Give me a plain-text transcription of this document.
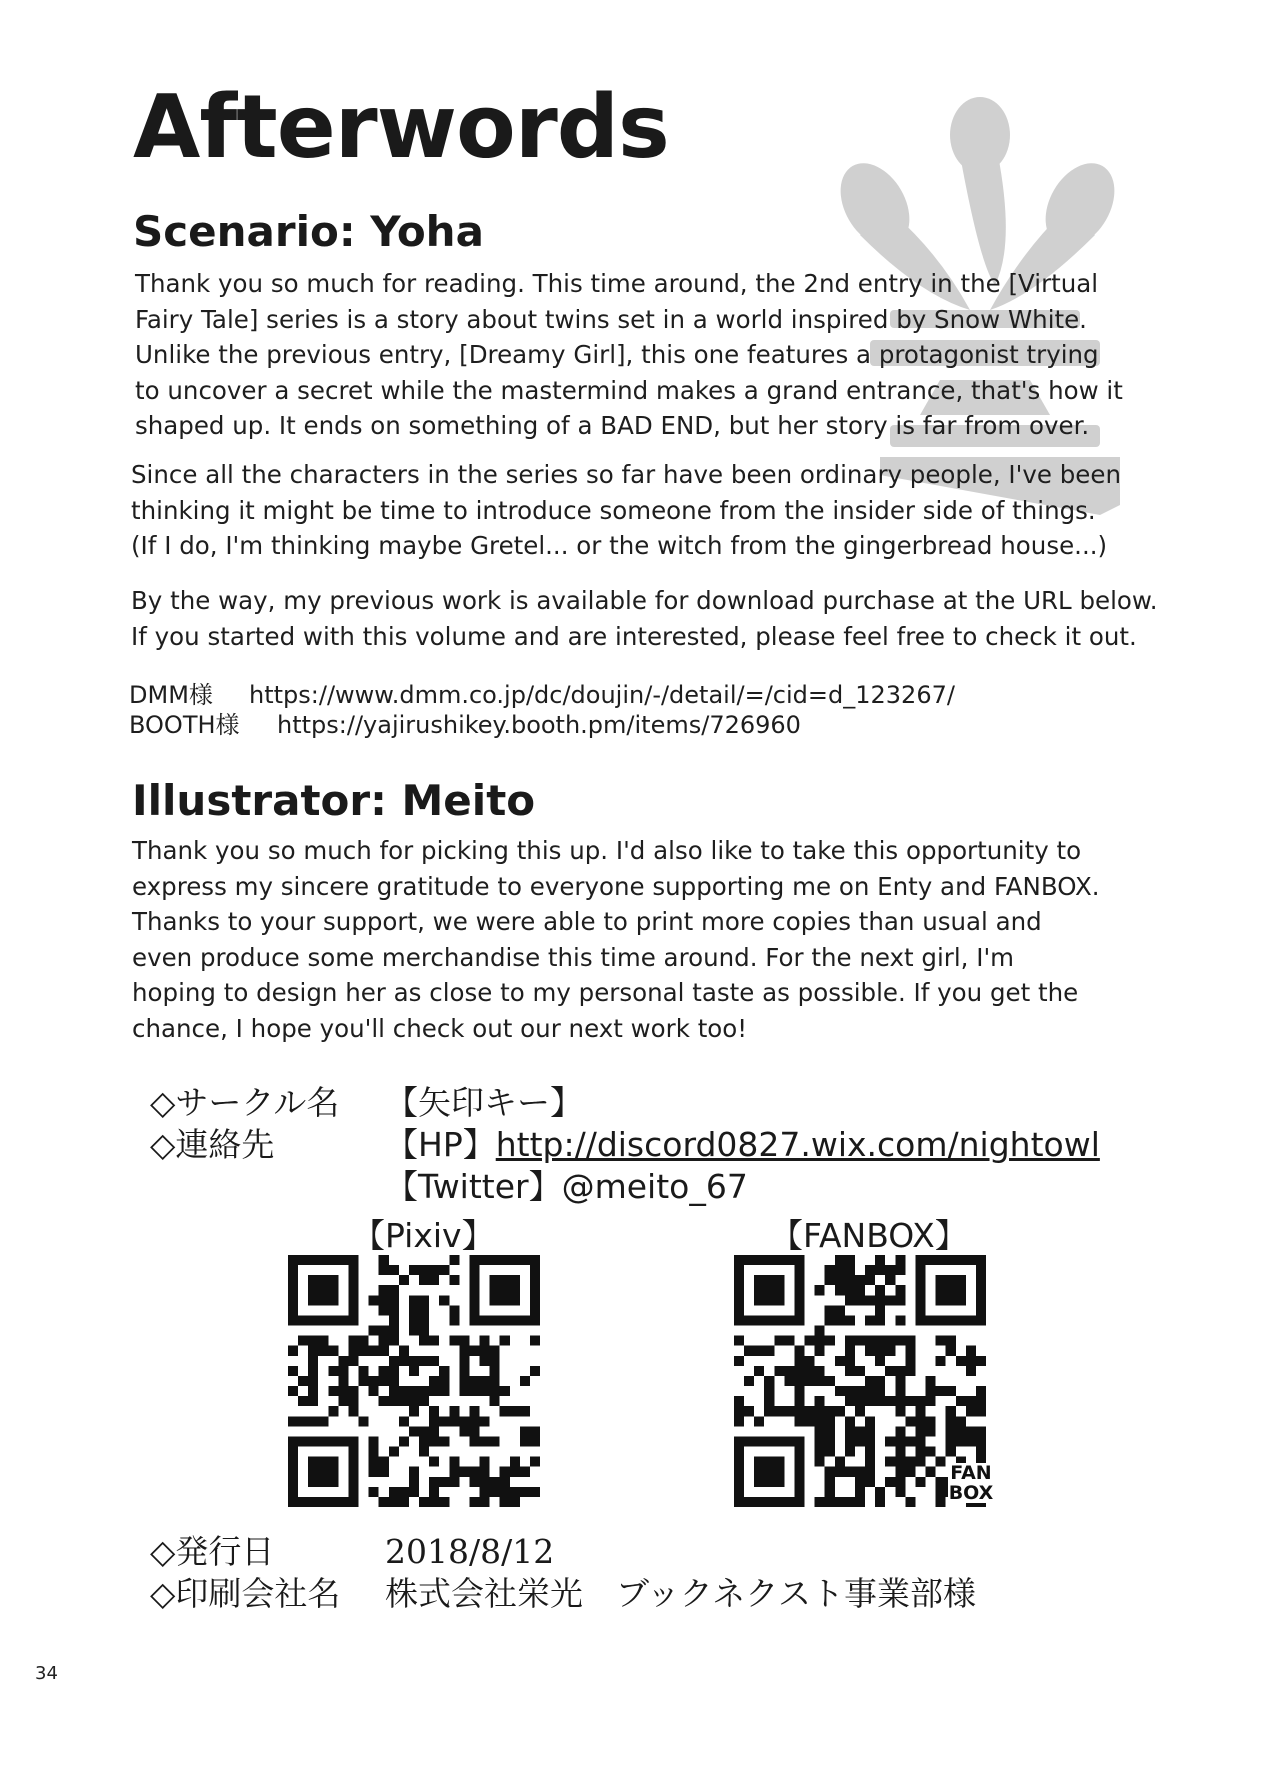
Afterwords
Scenario: Yoha
Thank you so much for reading. This time around, the 2nd entry in the [Virtual
Fairy Tale] series is a story about twins set in a world inspired by Snow White.
Unlike the previous entry, [Dreamy Girl], this one features a protagonist trying
to uncover a secret while the mastermind makes a grand entrance, that's how it
shaped up. It ends on something of a BAD END, but her story is far from over.
Since all the characters in the series so far have been ordinary people, I've been
thinking it might be time to introduce someone from the insider side of things.
(If I do, I'm thinking maybe Gretel... or the witch from the gingerbread house...)
By the way, my previous work is available for download purchase at the URL below.
If you started with this volume and are interested, please feel free to check it out.
DMM様 https://www.dmm.co.jp/dc/doujin/-/detail/=/cid=d_123267/
BOOTH様 https://yajirushikey.booth.pm/items/726960
Illustrator: Meito
Thank you so much for picking this up. I'd also like to take this opportunity to
express my sincere gratitude to everyone supporting me on Enty and FANBOX.
Thanks to your support, we were able to print more copies than usual and
even produce some merchandise this time around. For the next girl, I'm
hoping to design her as close to my personal taste as possible. If you get the
chance, I hope you'll check out our next work too!
◇サークル名 【矢印キー】
◇連絡先	【HP】http://discord0827.wix.com/nightowl
【Twitter】@meito_67
【Pixiv】	【FANBOX】
FAN
BOX
◇発行日	2018/8/12
◇印刷会社名 株式会社栄光　ブックネクスト事業部様
34
